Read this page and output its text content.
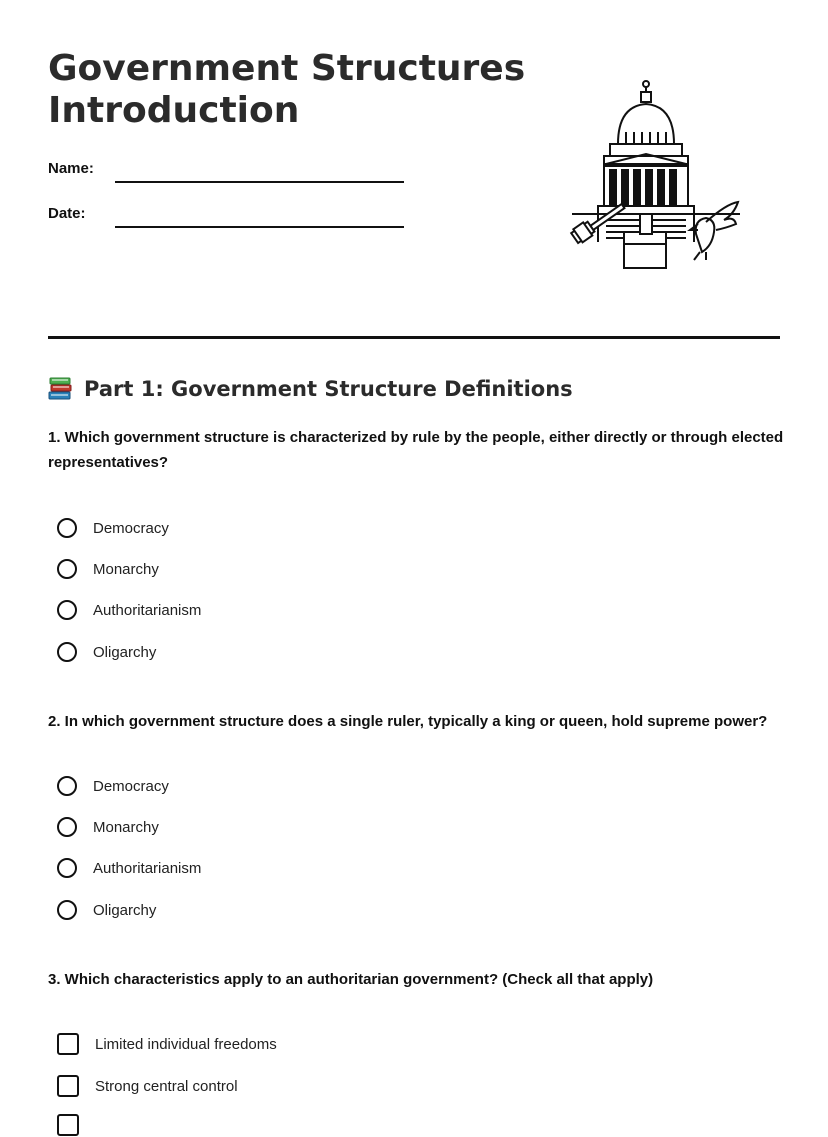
Government Structures Introduction
Name:
Date:
Part 1: Government Structure Definitions

1. Which government structure is characterized by rule by the people, either directly or through elected representatives?

Democracy
Monarchy
Authoritarianism
Oligarchy

2. In which government structure does a single ruler, typically a king or queen, hold supreme power?

Democracy
Monarchy
Authoritarianism
Oligarchy

3. Which characteristics apply to an authoritarian government? (Check all that apply)

Limited individual freedoms
Strong central control
